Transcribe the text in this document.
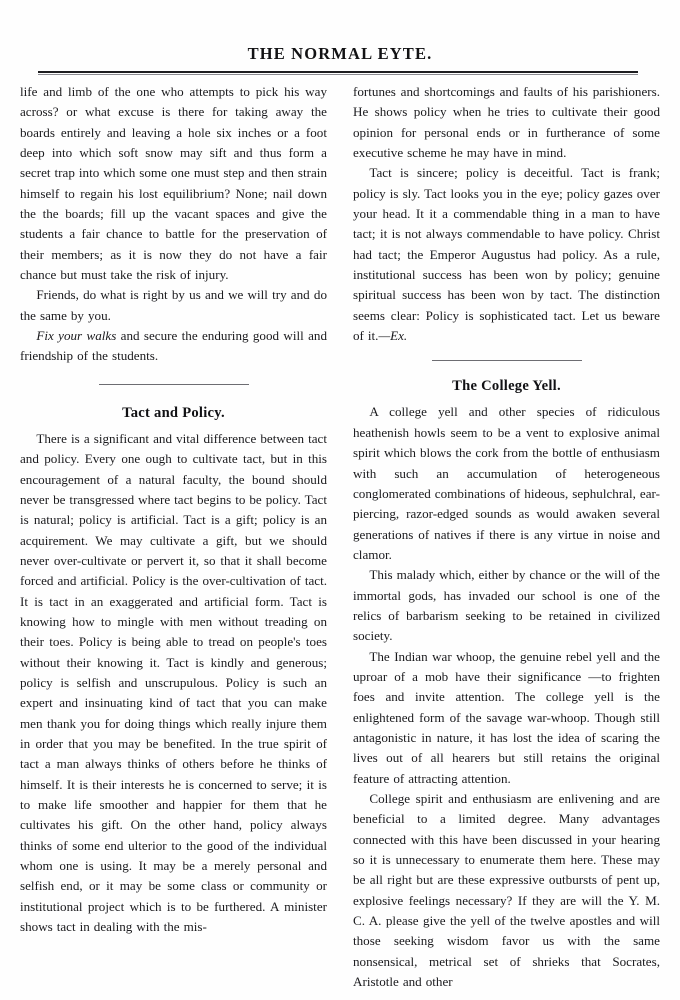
THE NORMAL EYTE.

life and limb of the one who attempts to pick his way across? or what excuse is there for taking away the boards entirely and leaving a hole six inches or a foot deep into which soft snow may sift and thus form a secret trap into which some one must step and then strain himself to regain his lost equilibrium? None; nail down the the boards; fill up the vacant spaces and give the students a fair chance to battle for the preservation of their members; as it is now they do not have a fair chance but must take the risk of injury.

Friends, do what is right by us and we will try and do the same by you.

Fix your walks and secure the enduring good will and friendship of the students.

Tact and Policy.

There is a significant and vital difference between tact and policy. Every one ough to cultivate tact, but in this encouragement of a natural faculty, the bound should never be transgressed where tact begins to be policy. Tact is natural; policy is artificial. Tact is a gift; policy is an acquirement. We may cultivate a gift, but we should never over-cultivate or pervert it, so that it shall become forced and artificial. Policy is the over-cultivation of tact. It is tact in an exaggerated and artificial form. Tact is knowing how to mingle with men without treading on their toes. Policy is being able to tread on people's toes without their knowing it. Tact is kindly and generous; policy is selfish and unscrupulous. Policy is such an expert and insinuating kind of tact that you can make men thank you for doing things which really injure them in order that you may be benefited. In the true spirit of tact a man always thinks of others before he thinks of himself. It is their interests he is concerned to serve; it is to make life smoother and happier for them that he cultivates his gift. On the other hand, policy always thinks of some end ulterior to the good of the individual whom one is using. It may be a merely personal and selfish end, or it may be some class or community or institutional project which is to be furthered. A minister shows tact in dealing with the mis-

fortunes and shortcomings and faults of his parishioners. He shows policy when he tries to cultivate their good opinion for personal ends or in furtherance of some executive scheme he may have in mind.

Tact is sincere; policy is deceitful. Tact is frank; policy is sly. Tact looks you in the eye; policy gazes over your head. It it a commendable thing in a man to have tact; it is not always commendable to have policy. Christ had tact; the Emperor Augustus had policy. As a rule, institutional success has been won by policy; genuine spiritual success has been won by tact. The distinction seems clear: Policy is sophisticated tact. Let us beware of it.—Ex.

The College Yell.

A college yell and other species of ridiculous heathenish howls seem to be a vent to explosive animal spirit which blows the cork from the bottle of enthusiasm with such an accumulation of heterogeneous conglomerated combinations of hideous, sephulchral, ear-piercing, razor-edged sounds as would awaken several generations of natives if there is any virtue in noise and clamor.

This malady which, either by chance or the will of the immortal gods, has invaded our school is one of the relics of barbarism seeking to be retained in civilized society.

The Indian war whoop, the genuine rebel yell and the uproar of a mob have their significance —to frighten foes and invite attention. The college yell is the enlightened form of the savage war-whoop. Though still antagonistic in nature, it has lost the idea of scaring the lives out of all hearers but still retains the original feature of attracting attention.

College spirit and enthusiasm are enlivening and are beneficial to a limited degree. Many advantages connected with this have been discussed in your hearing so it is unnecessary to enumerate them here. These may be all right but are these expressive outbursts of pent up, explosive feelings necessary? If they are will the Y. M. C. A. please give the yell of the twelve apostles and will those seeking wisdom favor us with the same nonsensical, metrical set of shrieks that Socrates, Aristotle and other
